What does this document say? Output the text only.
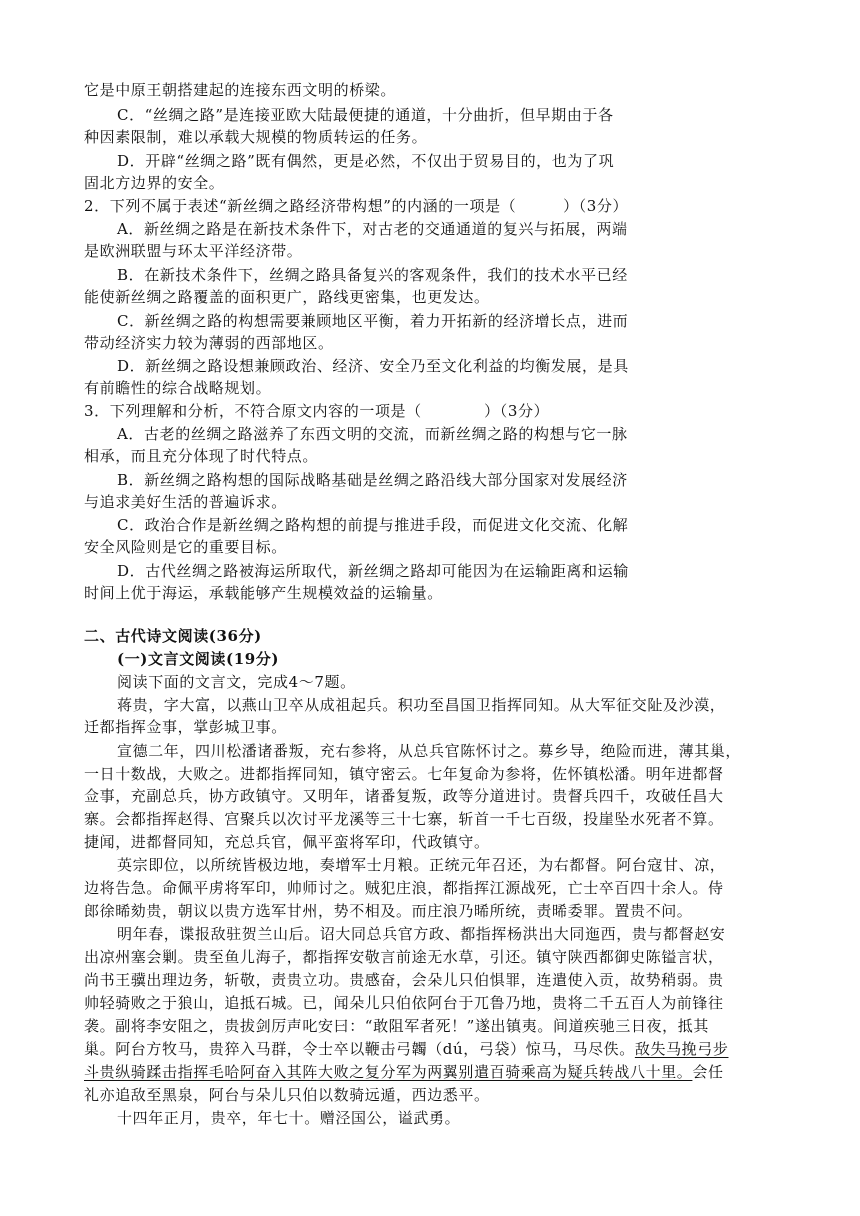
它是中原王朝搭建起的连接东西文明的桥梁。
C．“丝绸之路”是连接亚欧大陆最便捷的通道，十分曲折，但早期由于各
种因素限制，难以承载大规模的物质转运的任务。
D．开辟“丝绸之路”既有偶然，更是必然，不仅出于贸易目的，也为了巩
固北方边界的安全。
2．下列不属于表述“新丝绸之路经济带构想”的内涵的一项是（　　　）（3分）
A．新丝绸之路是在新技术条件下，对古老的交通通道的复兴与拓展，两端
是欧洲联盟与环太平洋经济带。
B．在新技术条件下，丝绸之路具备复兴的客观条件，我们的技术水平已经
能使新丝绸之路覆盖的面积更广，路线更密集，也更发达。
C．新丝绸之路的构想需要兼顾地区平衡，着力开拓新的经济增长点，进而
带动经济实力较为薄弱的西部地区。
D．新丝绸之路设想兼顾政治、经济、安全乃至文化利益的均衡发展，是具
有前瞻性的综合战略规划。
3．下列理解和分析，不符合原文内容的一项是（　　　　）（3分）
A．古老的丝绸之路滋养了东西文明的交流，而新丝绸之路的构想与它一脉
相承，而且充分体现了时代特点。
B．新丝绸之路构想的国际战略基础是丝绸之路沿线大部分国家对发展经济
与追求美好生活的普遍诉求。
C．政治合作是新丝绸之路构想的前提与推进手段，而促进文化交流、化解
安全风险则是它的重要目标。
D．古代丝绸之路被海运所取代，新丝绸之路却可能因为在运输距离和运输
时间上优于海运，承载能够产生规模效益的运输量。
二、古代诗文阅读(36分)
(一)文言文阅读(19分)
阅读下面的文言文，完成4～7题。
蒋贵，字大富，以燕山卫卒从成祖起兵。积功至昌国卫指挥同知。从大军征交阯及沙漠，
迁都指挥佥事，掌彭城卫事。
宣德二年，四川松潘诸番叛，充右参将，从总兵官陈怀讨之。募乡导，绝险而进，薄其巢，
一日十数战，大败之。进都指挥同知，镇守密云。七年复命为参将，佐怀镇松潘。明年进都督
佥事，充副总兵，协方政镇守。又明年，诸番复叛，政等分道进讨。贵督兵四千，攻破任昌大
寨。会都指挥赵得、宫聚兵以次讨平龙溪等三十七寨，斩首一千七百级，投崖坠水死者不算。
捷闻，进都督同知，充总兵官，佩平蛮将军印，代政镇守。
英宗即位，以所统皆极边地，奏增军士月粮。正统元年召还，为右都督。阿台寇甘、凉，
边将告急。命佩平虏将军印，帅师讨之。贼犯庄浪，都指挥江源战死，亡士卒百四十余人。侍
郎徐晞劾贵，朝议以贵方选军甘州，势不相及。而庄浪乃晞所统，责晞委罪。置贵不问。
明年春，谍报敌驻贺兰山后。诏大同总兵官方政、都指挥杨洪出大同迤西，贵与都督赵安
出凉州塞会剿。贵至鱼儿海子，都指挥安敬言前途无水草，引还。镇守陕西都御史陈镒言状，
尚书王骥出理边务，斩敬，责贵立功。贵感奋，会朵儿只伯惧罪，连遣使入贡，故势稍弱。贵
帅轻骑败之于狼山，追抵石城。已，闻朵儿只伯依阿台于兀鲁乃地，贵将二千五百人为前锋往
袭。副将李安阻之，贵拔剑厉声叱安曰：“敢阻军者死！”遂出镇夷。间道疾驰三日夜，抵其
巢。阿台方牧马，贵猝入马群，令士卒以鞭击弓韣（dú，弓袋）惊马，马尽佚。敌失马挽弓步
斗贵纵骑蹂击指挥毛哈阿奋入其阵大败之复分军为两翼别遣百骑乘高为疑兵转战八十里。会任
礼亦追敌至黑泉，阿台与朵儿只伯以数骑远遁，西边悉平。
十四年正月，贵卒，年七十。赠泾国公，谥武勇。
